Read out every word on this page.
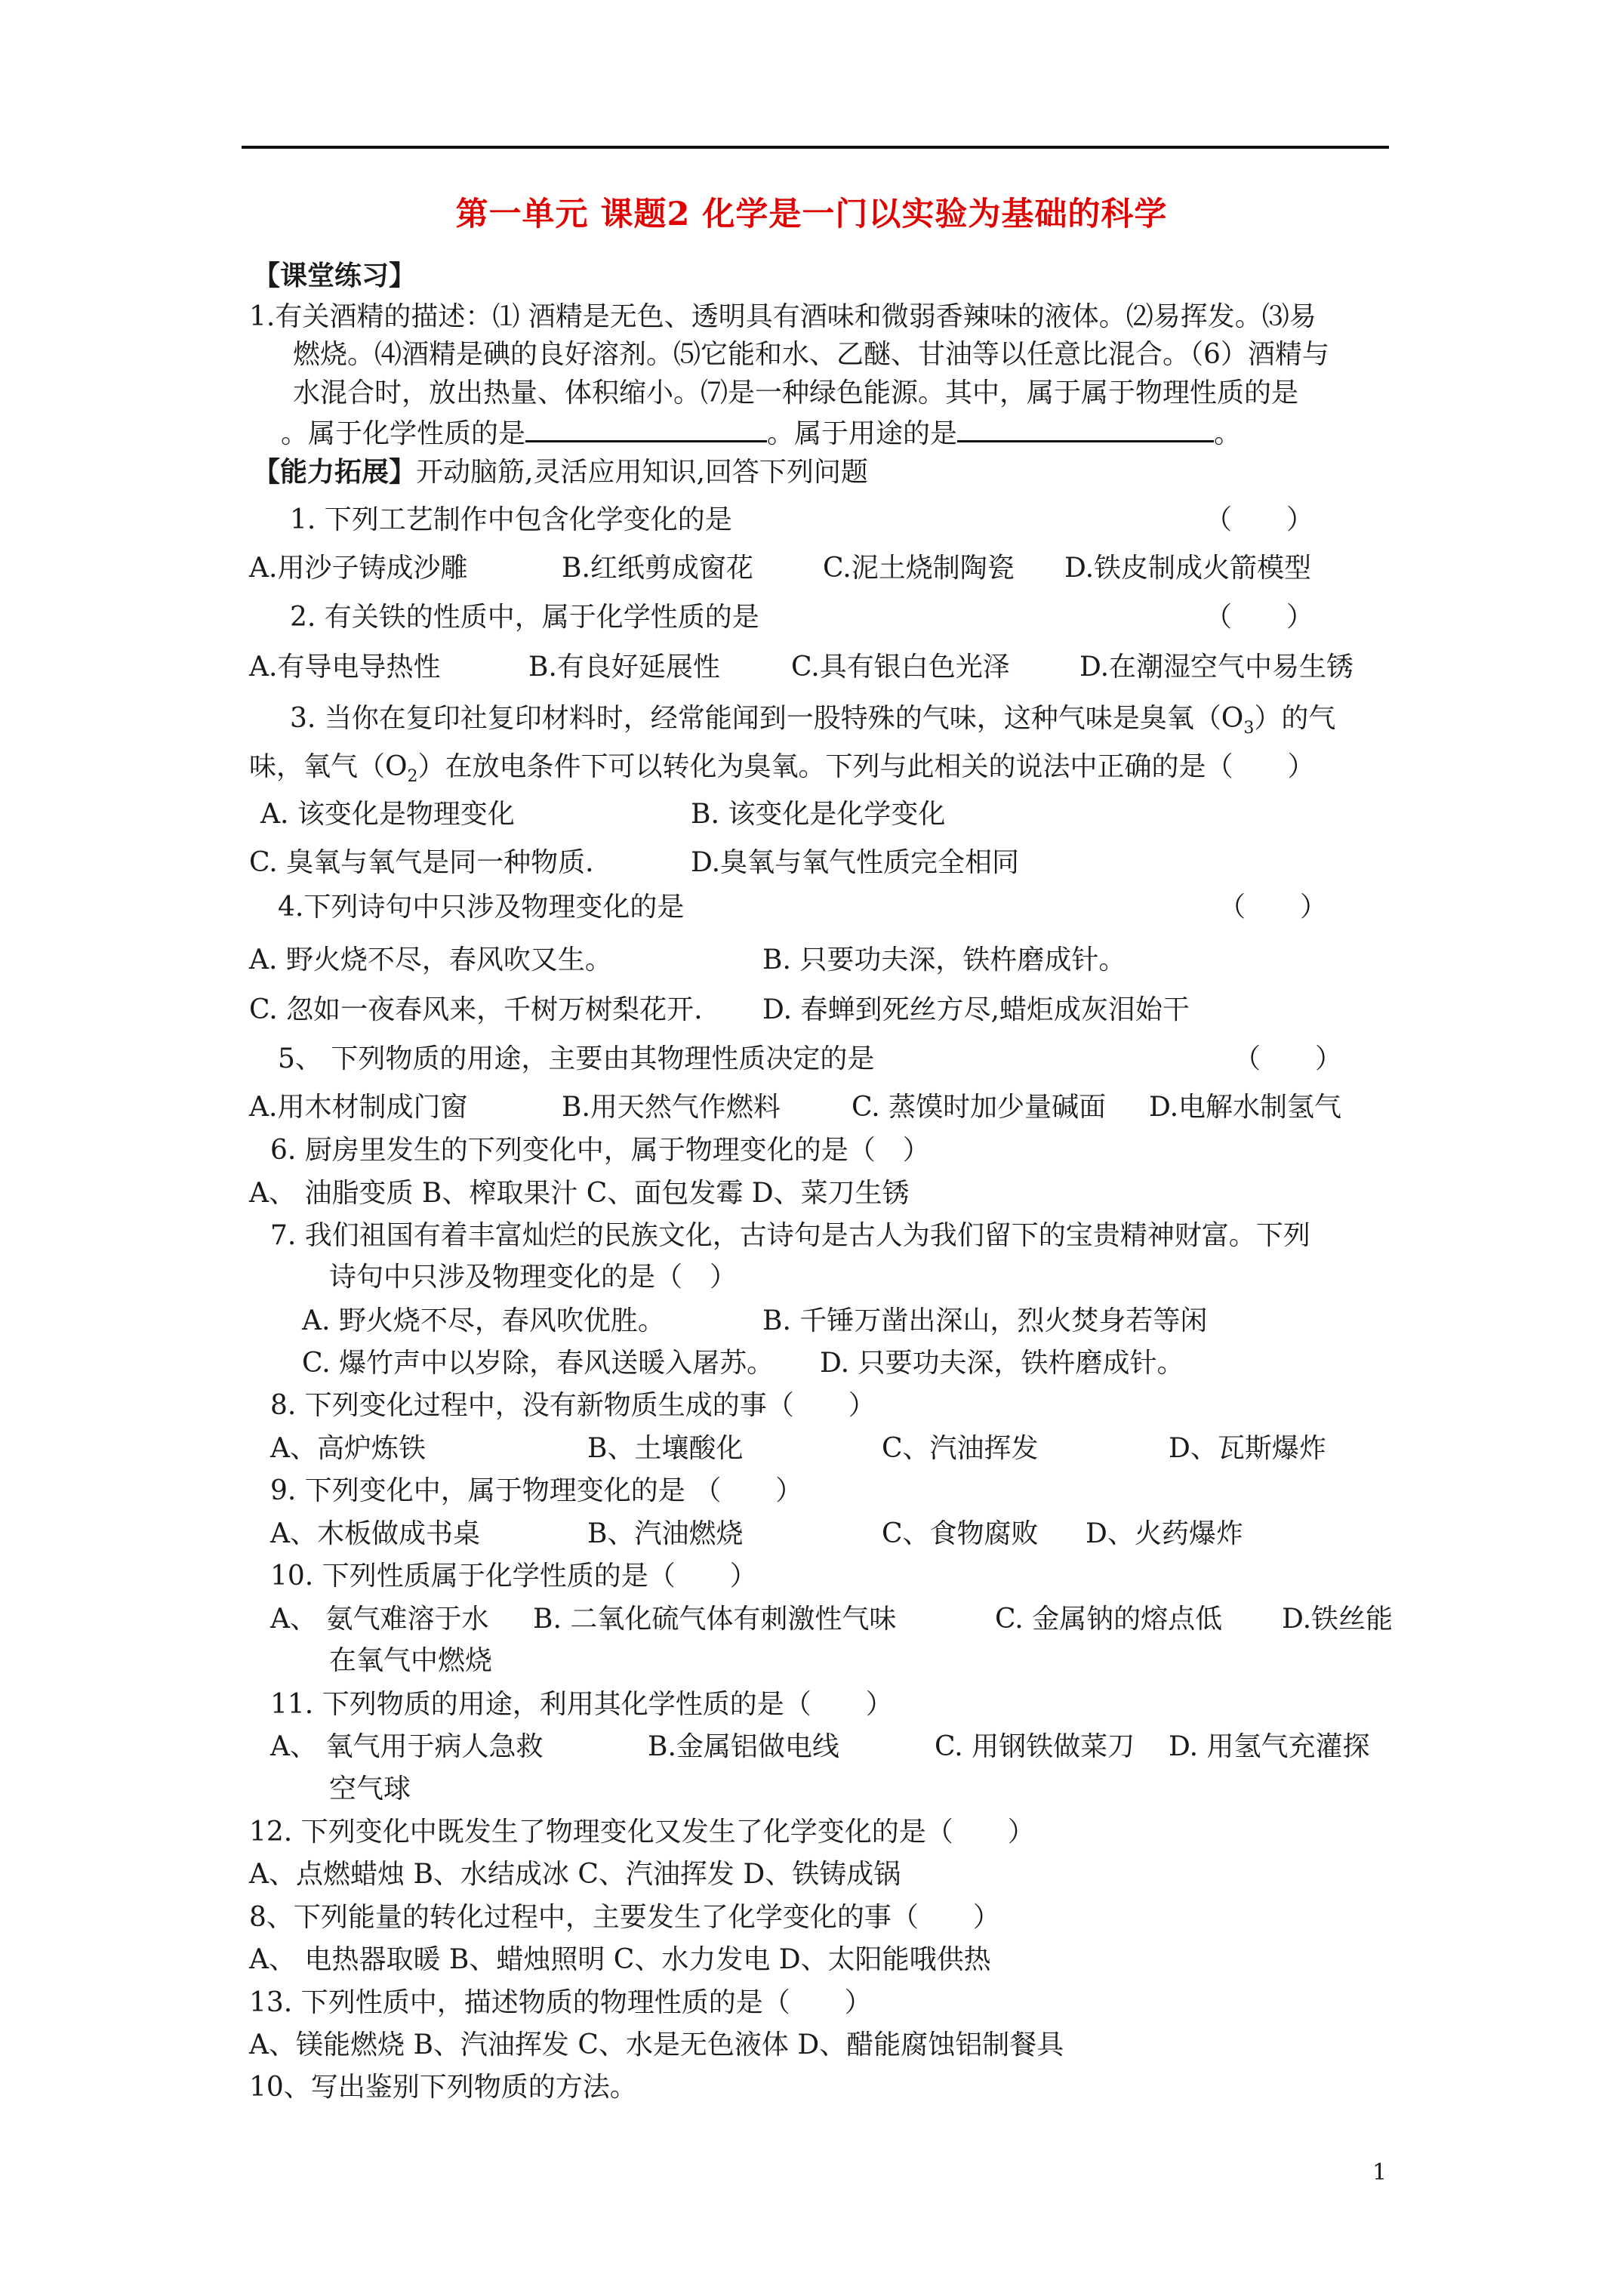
第一单元 课题2 化学是一门以实验为基础的科学
【课堂练习】
1.有关酒精的描述：⑴ 酒精是无色、透明具有酒味和微弱香辣味的液体。⑵易挥发。⑶易
燃烧。⑷酒精是碘的良好溶剂。⑸它能和水、乙醚、甘油等以任意比混合。（6）酒精与
水混合时，放出热量、体积缩小。⑺是一种绿色能源。其中，属于属于物理性质的是
。属于化学性质的是	。属于用途的是	。
【能力拓展】开动脑筋,灵活应用知识,回答下列问题
1. 下列工艺制作中包含化学变化的是	（　　）
A.用沙子铸成沙雕	B.红纸剪成窗花	C.泥土烧制陶瓷 D.铁皮制成火箭模型
2. 有关铁的性质中，属于化学性质的是	（　　）
A.有导电导热性	B.有良好延展性	C.具有银白色光泽	D.在潮湿空气中易生锈
3. 当你在复印社复印材料时，经常能闻到一股特殊的气味，这种气味是臭氧$(O_3)$的气
味，氧气$(O_2)$在放电条件下可以转化为臭氧。下列与此相关的说法中正确的是（　　）
A. 该变化是物理变化	B. 该变化是化学变化
C. 臭氧与氧气是同一种物质.	D.臭氧与氧气性质完全相同
4.下列诗句中只涉及物理变化的是	（　　）
A. 野火烧不尽，春风吹又生。	B. 只要功夫深，铁杵磨成针。
C. 忽如一夜春风来，千树万树梨花开. D. 春蝉到死丝方尽,蜡炬成灰泪始干
5、 下列物质的用途，主要由其物理性质决定的是	（　　）
A.用木材制成门窗	B.用天然气作燃料	C. 蒸馍时加少量碱面 D.电解水制氢气
6. 厨房里发生的下列变化中，属于物理变化的是（　）
A、 油脂变质 B、榨取果汁 C、面包发霉 D、菜刀生锈
7. 我们祖国有着丰富灿烂的民族文化，古诗句是古人为我们留下的宝贵精神财富。下列
诗句中只涉及物理变化的是（　）
A. 野火烧不尽，春风吹优胜。	B. 千锤万凿出深山，烈火焚身若等闲
C. 爆竹声中以岁除，春风送暖入屠苏。 D. 只要功夫深，铁杵磨成针。
8. 下列变化过程中，没有新物质生成的事（　　）
A、高炉炼铁	B、土壤酸化	C、汽油挥发	D、瓦斯爆炸
9. 下列变化中，属于物理变化的是 （　　）
A、木板做成书桌	B、汽油燃烧	C、食物腐败 D、火药爆炸
10. 下列性质属于化学性质的是（　　）
A、 氨气难溶于水 B. 二氧化硫气体有刺激性气味	C. 金属钠的熔点低 D.铁丝能
在氧气中燃烧
11. 下列物质的用途，利用其化学性质的是（　　）
A、 氧气用于病人急救	B.金属铝做电线	C. 用钢铁做菜刀 D. 用氢气充灌探
空气球
12. 下列变化中既发生了物理变化又发生了化学变化的是（　　）
A、点燃蜡烛 B、水结成冰 C、汽油挥发 D、铁铸成锅
8、下列能量的转化过程中，主要发生了化学变化的事（　　）
A、 电热器取暖 B、蜡烛照明 C、水力发电 D、太阳能哦供热
13. 下列性质中，描述物质的物理性质的是（　　）
A、镁能燃烧 B、汽油挥发 C、水是无色液体 D、醋能腐蚀铝制餐具
10、写出鉴别下列物质的方法。
1
